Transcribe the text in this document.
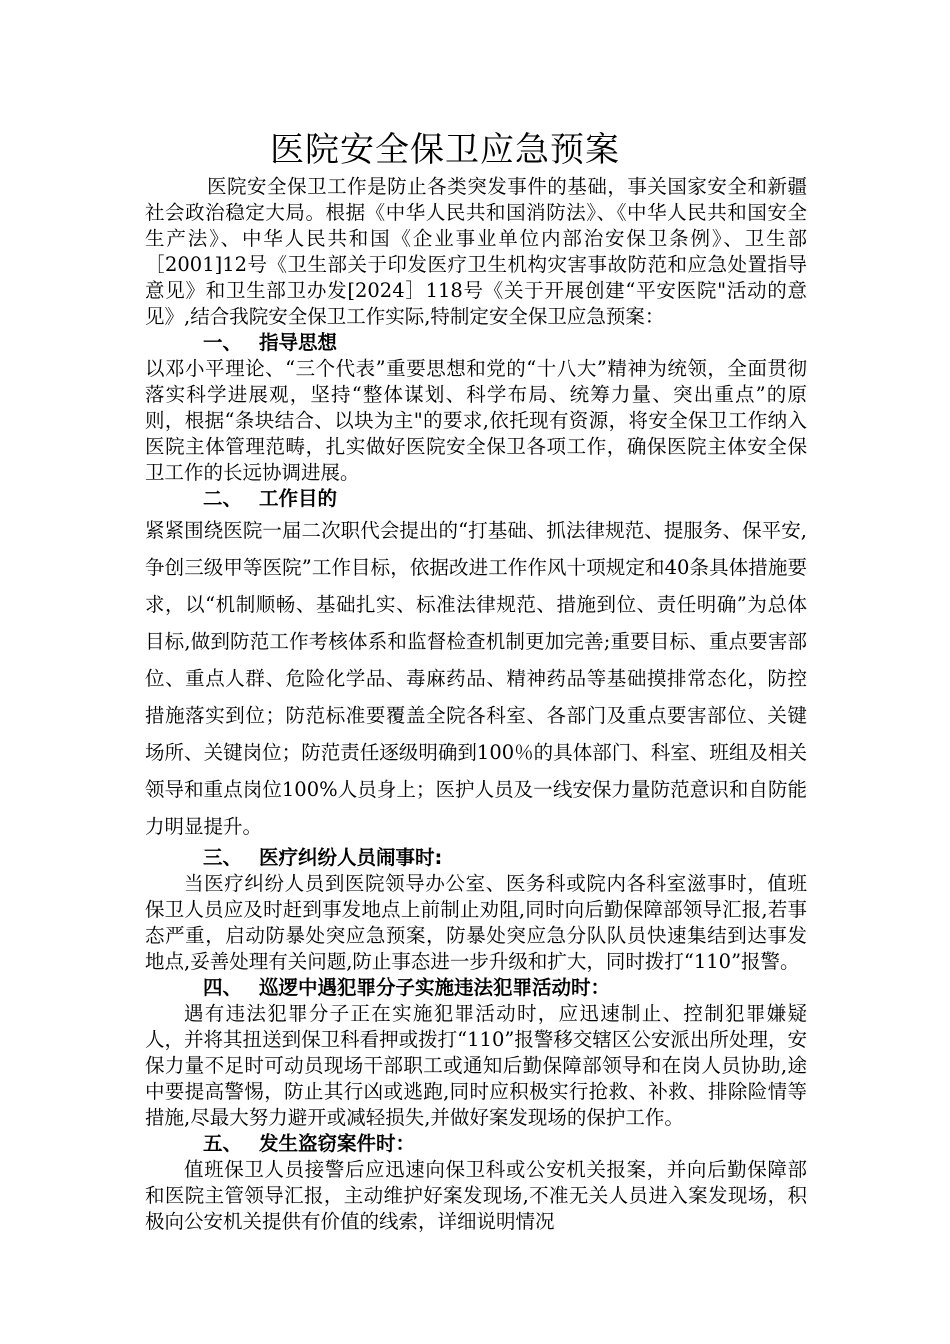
医院安全保卫应急预案

医院安全保卫工作是防止各类突发事件的基础，事关国家安全和新疆社会政治稳定大局。根据《中华人民共和国消防法》、《中华人民共和国安全生产法》、中华人民共和国《企业事业单位内部治安保卫条例》、卫生部［2001]12号《卫生部关于印发医疗卫生机构灾害事故防范和应急处置指导意见》和卫生部卫办发[2024］118号《关于开展创建“平安医院"活动的意见》,结合我院安全保卫工作实际,特制定安全保卫应急预案：

一、 指导思想

以邓小平理论、“三个代表”重要思想和党的“十八大”精神为统领，全面贯彻落实科学进展观，坚持“整体谋划、科学布局、统筹力量、突出重点”的原则，根据“条块结合、以块为主"的要求,依托现有资源，将安全保卫工作纳入医院主体管理范畴，扎实做好医院安全保卫各项工作，确保医院主体安全保卫工作的长远协调进展。

二、 工作目的

紧紧围绕医院一届二次职代会提出的“打基础、抓法律规范、提服务、保平安,争创三级甲等医院”工作目标，依据改进工作作风十项规定和40条具体措施要求，以“机制顺畅、基础扎实、标准法律规范、措施到位、责任明确”为总体目标,做到防范工作考核体系和监督检查机制更加完善;重要目标、重点要害部位、重点人群、危险化学品、毒麻药品、精神药品等基础摸排常态化，防控措施落实到位；防范标准要覆盖全院各科室、各部门及重点要害部位、关键场所、关键岗位；防范责任逐级明确到100％的具体部门、科室、班组及相关领导和重点岗位100%人员身上；医护人员及一线安保力量防范意识和自防能力明显提升。

三、 医疗纠纷人员闹事时:

当医疗纠纷人员到医院领导办公室、医务科或院内各科室滋事时，值班保卫人员应及时赶到事发地点上前制止劝阻,同时向后勤保障部领导汇报,若事态严重，启动防暴处突应急预案，防暴处突应急分队队员快速集结到达事发地点,妥善处理有关问题,防止事态进一步升级和扩大，同时拨打“110”报警。

四、 巡逻中遇犯罪分子实施违法犯罪活动时：

遇有违法犯罪分子正在实施犯罪活动时，应迅速制止、控制犯罪嫌疑人，并将其扭送到保卫科看押或拨打“110”报警移交辖区公安派出所处理，安保力量不足时可动员现场干部职工或通知后勤保障部领导和在岗人员协助,途中要提高警惕，防止其行凶或逃跑,同时应积极实行抢救、补救、排除险情等措施,尽最大努力避开或减轻损失,并做好案发现场的保护工作。

五、 发生盗窃案件时：

值班保卫人员接警后应迅速向保卫科或公安机关报案，并向后勤保障部和医院主管领导汇报，主动维护好案发现场,不准无关人员进入案发现场，积极向公安机关提供有价值的线索，详细说明情况
